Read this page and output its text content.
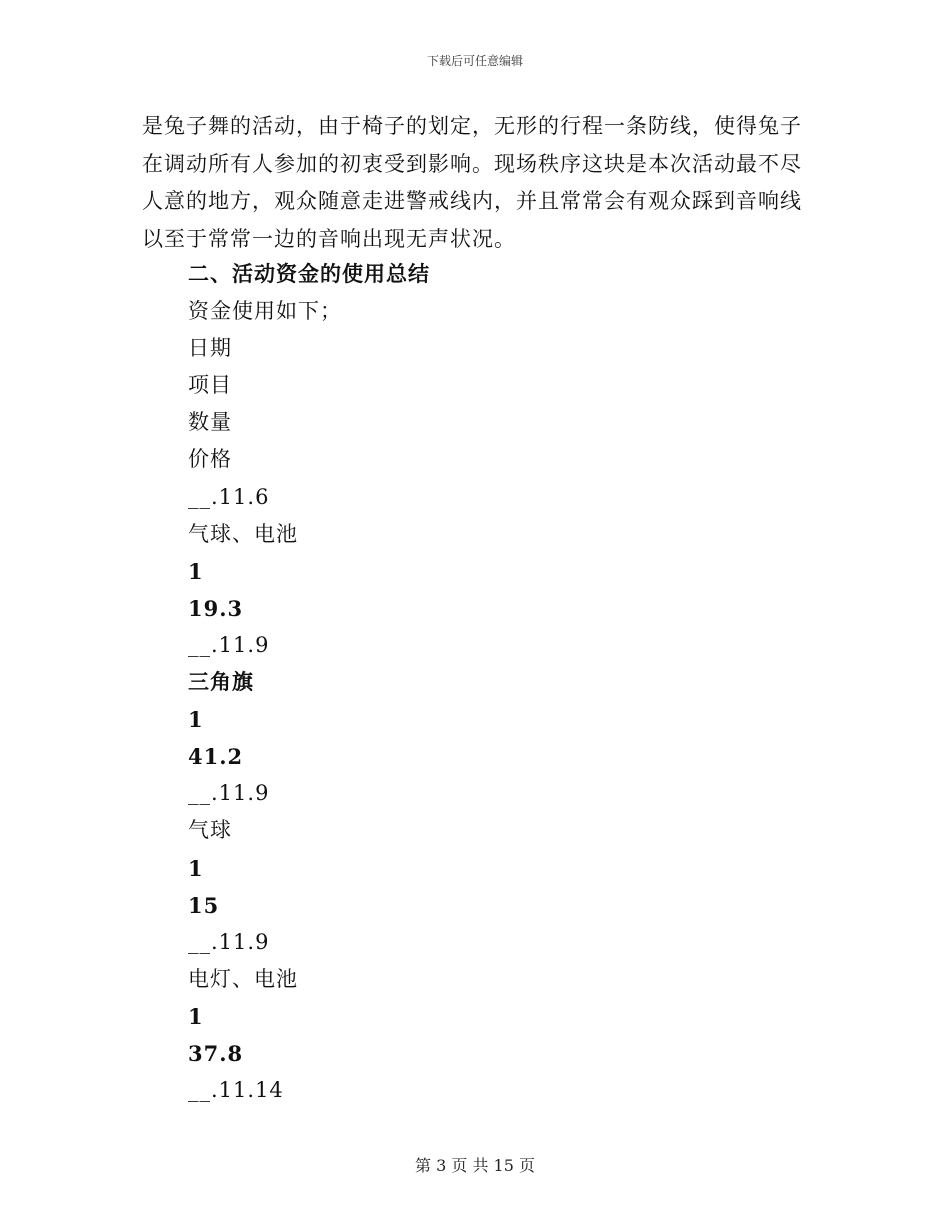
下载后可任意编辑
是兔子舞的活动，由于椅子的划定，无形的行程一条防线，使得兔子
在调动所有人参加的初衷受到影响。现场秩序这块是本次活动最不尽
人意的地方，观众随意走进警戒线内，并且常常会有观众踩到音响线
以至于常常一边的音响出现无声状况。
二、活动资金的使用总结
资金使用如下；
日期
项目
数量
价格
__.11.6
气球、电池
1
19.3
__.11.9
三角旗
1
41.2
__.11.9
气球
1
15
__.11.9
电灯、电池
1
37.8
__.11.14
第 3 页 共 15 页
